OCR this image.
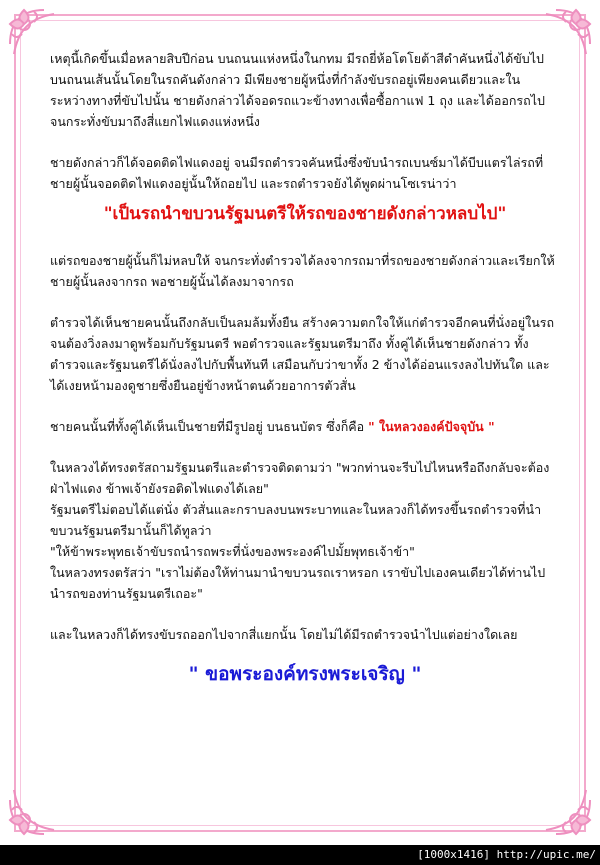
เหตุนี้เกิดขึ้นเมื่อหลายสิบปีก่อน บนถนนแห่งหนึ่งในกทม มีรถยี่ห้อโตโยต้าสีดำคันหนึ่งได้ขับไปบนถนนเส้นนั้นโดยในรถคันดังกล่าว มีเพียงชายผู้หนึ่งที่กำลังขับรถอยู่เพียงคนเดียวและในระหว่างทางที่ขับไปนั้น ชายดังกล่าวได้จอดรถแวะข้างทางเพื่อซื้อกาแฟ 1 ถุง และได้ออกรถไปจนกระทั่งขับมาถึงสี่แยกไฟแดงแห่งหนึ่ง

ชายดังกล่าวก็ได้จอดติดไฟแดงอยู่ จนมีรถตำรวจคันหนึ่งซึ่งขับนำรถเบนซ์มาได้บีบแตรไล่รถที่ชายผู้นั้นจอดติดไฟแดงอยู่นั้นให้ถอยไป และรถตำรวจยังได้พูดผ่านโซเรน่าว่า

"เป็นรถนำขบวนรัฐมนตรีให้รถของชายดังกล่าวหลบไป"

แต่รถของชายผู้นั้นก็ไม่หลบให้ จนกระทั่งตำรวจได้ลงจากรถมาที่รถของชายดังกล่าวและเรียกให้ชายผู้นั้นลงจากรถ พอชายผู้นั้นได้ลงมาจากรถ

ตำรวจได้เห็นชายคนนั้นถึงกลับเป็นลมล้มทั้งยืน สร้างความตกใจให้แก่ตำรวจอีกคนที่นั่งอยู่ในรถ จนต้องวิ่งลงมาดูพร้อมกับรัฐมนตรี พอตำรวจและรัฐมนตรีมาถึง ทั้งคู่ได้เห็นชายดังกล่าว ทั้งตำรวจและรัฐมนตรีได้นั่งลงไปกับพื้นทันที เสมือนกับว่าขาทั้ง 2 ข้างได้อ่อนแรงลงไปทันใด และได้เงยหน้ามองดูชายซึ่งยืนอยู่ข้างหน้าตนด้วยอาการตัวสั่น

ชายคนนั้นที่ทั้งคู่ได้เห็นเป็นชายที่มีรูปอยู่ บนธนบัตร ซึ่งก็คือ " ในหลวงองค์ปัจจุบัน "

ในหลวงได้ทรงตรัสถามรัฐมนตรีและตำรวจติดตามว่า "พวกท่านจะรีบไปไหนหรือถึงกลับจะต้องฝ่าไฟแดง ข้าพเจ้ายังรอติดไฟแดงได้เลย"

รัฐมนตรีไม่ตอบได้แต่นั่ง ตัวสั่นและกราบลงบนพระบาทและในหลวงก็ได้ทรงขึ้นรถตำรวจที่นำขบวนรัฐมนตรีมานั้นก็ได้ทูลว่า

"ให้ข้าพระพุทธเจ้าขับรถนำรถพระที่นั่งของพระองค์ไปมั้ยพุทธเจ้าข้า"

ในหลวงทรงตรัสว่า "เราไม่ต้องให้ท่านมานำขบวนรถเราหรอก เราขับไปเองคนเดียวได้ท่านไปนำรถของท่านรัฐมนตรีเถอะ"

และในหลวงก็ได้ทรงขับรถออกไปจากสี่แยกนั้น โดยไม่ได้มีรถตำรวจนำไปแต่อย่างใดเลย

" ขอพระองค์ทรงพระเจริญ "

[1000x1416] http://upic.me/
